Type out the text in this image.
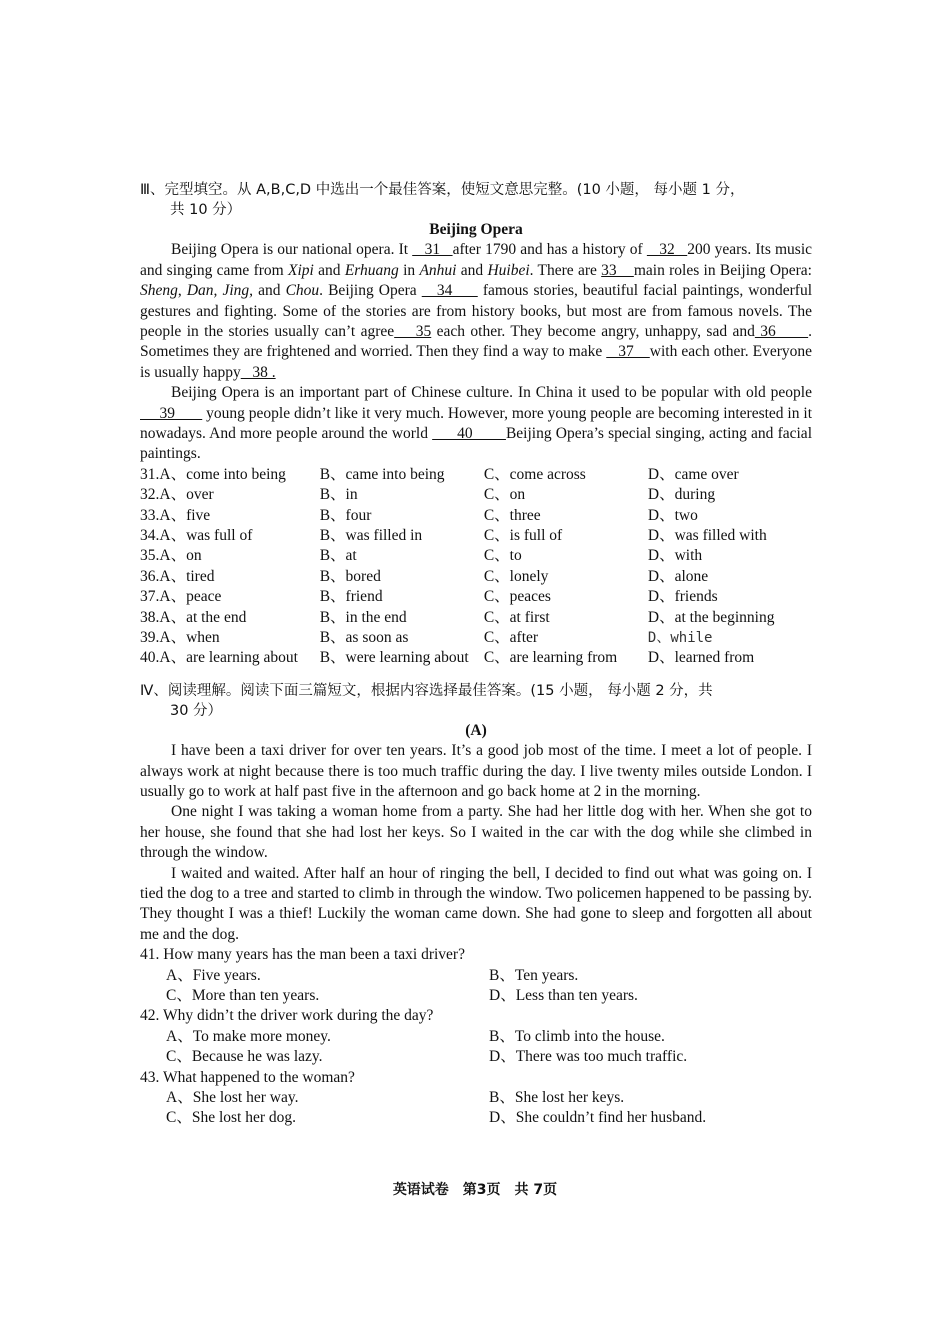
Ⅲ、完型填空。从 A,B,C,D 中选出一个最佳答案，使短文意思完整。(10 小题， 每小题 1 分，
共 10 分）
Beijing Opera

Beijing Opera is our national opera. It    31   after 1790 and has a history of    32   200 years. Its music and singing came from Xipi and Erhuang in Anhui and Huibei. There are 33    main roles in Beijing Opera: Sheng, Dan, Jing, and Chou. Beijing Opera    34      famous stories, beautiful facial paintings, wonderful gestures and fighting. Some of the stories are from history books, but most are from famous novels. The people in the stories usually can’t agree    35 each other. They become angry, unhappy, sad and 36      . Sometimes they are frightened and worried. Then they find a way to make    37    with each other. Everyone is usually happy   38 .

Beijing Opera is an important part of Chinese culture. In China it used to be popular with old people      39        young people didn’t like it very much. However, more young people are becoming interested in it nowadays. And more people around the world       40        Beijing Opera’s special singing, acting and facial paintings.

31.A、come into being	B、came into being	C、come across	D、came over
32.A、over	B、in	C、on	D、during
33.A、five	B、four	C、three	D、two
34.A、was full of	B、was filled in	C、is full of	D、was filled with
35.A、on	B、at	C、to	D、with
36.A、tired	B、bored	C、lonely	D、alone
37.A、peace	B、friend	C、peaces	D、friends
38.A、at the end	B、in the end	C、at first	D、at the beginning
39.A、when	B、as soon as	C、after	D、while
40.A、are learning about	B、were learning about C、are learning from	D、learned from
Ⅳ、阅读理解。阅读下面三篇短文，根据内容选择最佳答案。(15 小题， 每小题 2 分，共
30 分）
(A)

I have been a taxi driver for over ten years. It’s a good job most of the time. I meet a lot of people. I always work at night because there is too much traffic during the day. I live twenty miles outside London. I usually go to work at half past five in the afternoon and go back home at 2 in the morning.

One night I was taking a woman home from a party. She had her little dog with her. When she got to her house, she found that she had lost her keys. So I waited in the car with the dog while she climbed in through the window.

I waited and waited. After half an hour of ringing the bell, I decided to find out what was going on. I tied the dog to a tree and started to climb in through the window. Two policemen happened to be passing by. They thought I was a thief! Luckily the woman came down. She had gone to sleep and forgotten all about me and the dog.

41. How many years has the man been a taxi driver?
A、Five years.	B、Ten years.
C、More than ten years.	D、Less than ten years.
42. Why didn’t the driver work during the day?
A、To make more money.	B、To climb into the house.
C、Because he was lazy.	D、There was too much traffic.
43. What happened to the woman?
A、She lost her way.	B、She lost her keys.
C、She lost her dog.	D、She couldn’t find her husband.
英语试卷　第3页　共 7页
